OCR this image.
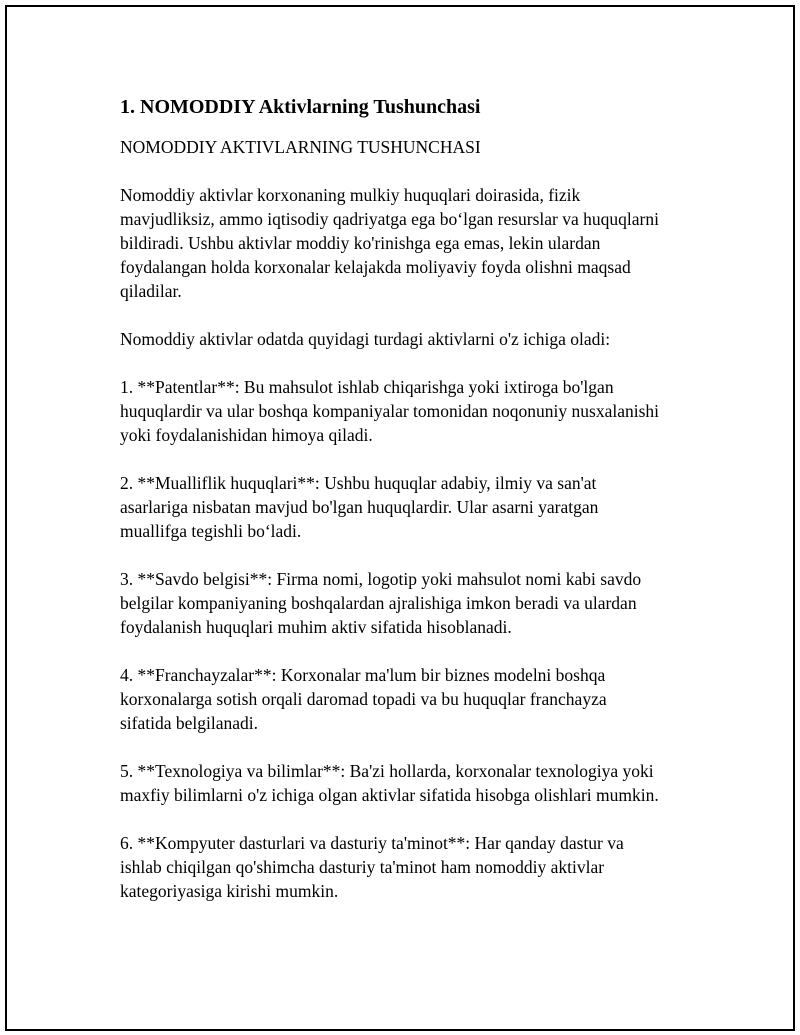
1. NOMODDIY Aktivlarning Tushunchasi
NOMODDIY AKTIVLARNING TUSHUNCHASI
Nomoddiy aktivlar korxonaning mulkiy huquqlari doirasida, fizik
mavjudliksiz, ammo iqtisodiy qadriyatga ega bo‘lgan resurslar va huquqlarni
bildiradi. Ushbu aktivlar moddiy ko'rinishga ega emas, lekin ulardan
foydalangan holda korxonalar kelajakda moliyaviy foyda olishni maqsad
qiladilar.
Nomoddiy aktivlar odatda quyidagi turdagi aktivlarni o'z ichiga oladi:
1. **Patentlar**: Bu mahsulot ishlab chiqarishga yoki ixtiroga bo'lgan
huquqlardir va ular boshqa kompaniyalar tomonidan noqonuniy nusxalanishi
yoki foydalanishidan himoya qiladi.
2. **Mualliflik huquqlari**: Ushbu huquqlar adabiy, ilmiy va san'at
asarlariga nisbatan mavjud bo'lgan huquqlardir. Ular asarni yaratgan
muallifga tegishli bo‘ladi.
3. **Savdo belgisi**: Firma nomi, logotip yoki mahsulot nomi kabi savdo
belgilar kompaniyaning boshqalardan ajralishiga imkon beradi va ulardan
foydalanish huquqlari muhim aktiv sifatida hisoblanadi.
4. **Franchayzalar**: Korxonalar ma'lum bir biznes modelni boshqa
korxonalarga sotish orqali daromad topadi va bu huquqlar franchayza
sifatida belgilanadi.
5. **Texnologiya va bilimlar**: Ba'zi hollarda, korxonalar texnologiya yoki
maxfiy bilimlarni o'z ichiga olgan aktivlar sifatida hisobga olishlari mumkin.
6. **Kompyuter dasturlari va dasturiy ta'minot**: Har qanday dastur va
ishlab chiqilgan qo'shimcha dasturiy ta'minot ham nomoddiy aktivlar
kategoriyasiga kirishi mumkin.
